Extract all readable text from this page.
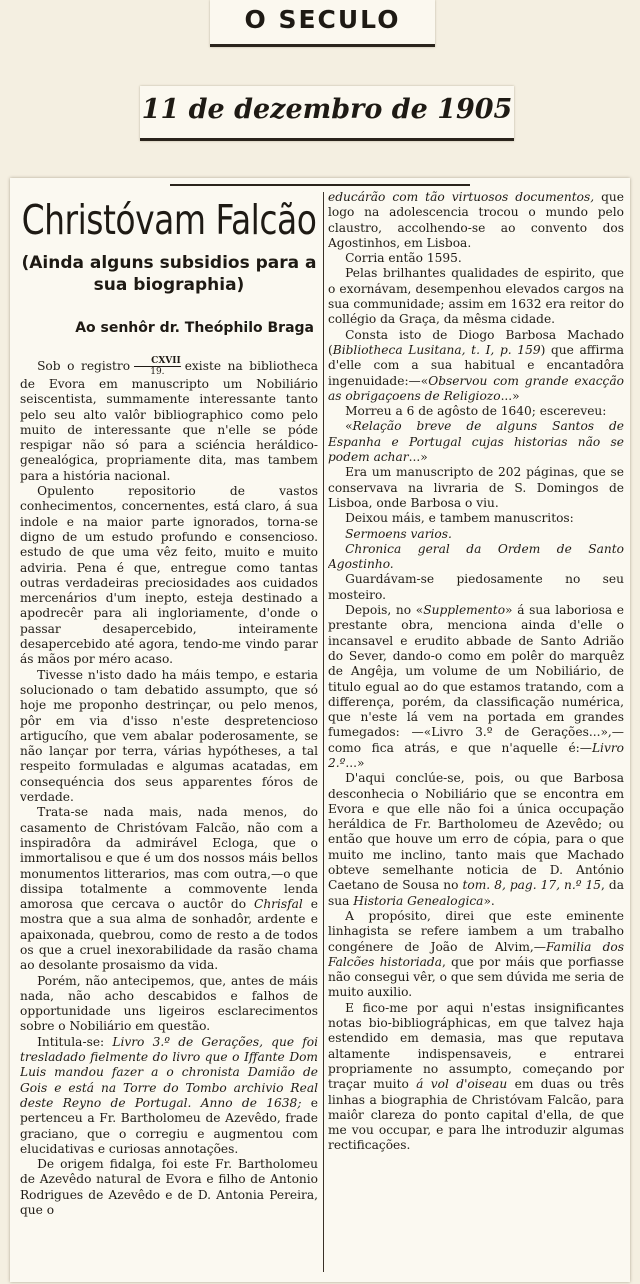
O SECULO
11 de dezembro de 1905
Christóvam Falcão
(Ainda alguns subsidios para a sua biographia)
Ao senhôr dr. Theóphilo Braga

Sob o registro $\frac{\text{CXVII}}{19.}$ existe na bibliotheca de Evora em manuscripto um Nobiliário seiscentista, summamente interessante tanto pelo seu alto valôr bibliographico como pelo muito de interessante que n'elle se póde respigar não só para a sciéncia heráldico-genealógica, propriamente dita, mas tambem para a história nacional.

Opulento repositorio de vastos conhecimentos, concernentes, está claro, á sua indole e na maior parte ignorados, torna-se digno de um estudo profundo e consencioso. estudo de que uma vêz feito, muito e muito adviria. Pena é que, entregue como tantas outras verdadeiras preciosidades aos cuidados mercenários d'um inepto, esteja destinado a apodrecêr para ali ingloriamente, d'onde o passar desapercebido, inteiramente desapercebido até agora, tendo-me vindo parar ás mãos por méro acaso.

Tivesse n'isto dado ha máis tempo, e estaria solucionado o tam debatido assumpto, que só hoje me proponho destrinçar, ou pelo menos, pôr em via d'isso n'este despretencioso artigucího, que vem abalar poderosamente, se não lançar por terra, várias hypótheses, a tal respeito formuladas e algumas acatadas, em consequéncia dos seus apparentes fóros de verdade.

Trata-se nada mais, nada menos, do casamento de Christóvam Falcão, não com a inspiradôra da admirável Ecloga, que o immortalisou e que é um dos nossos máis bellos monumentos litterarios, mas com outra,—o que dissipa totalmente a commovente lenda amorosa que cercava o auctôr do Chrisfal e mostra que a sua alma de sonhadôr, ardente e apaixonada, quebrou, como de resto a de todos os que a cruel inexorabilidade da rasão chama ao desolante prosaismo da vida.

Porém, não antecipemos, que, antes de máis nada, não acho descabidos e falhos de opportunidade uns ligeiros esclarecimentos sobre o Nobiliário em questão.

Intitula-se: Livro 3.º de Gerações, que foi tresladado fielmente do livro que o Iffante Dom Luis mandou fazer a o chronista Damião de Gois e está na Torre do Tombo archivio Real deste Reyno de Portugal. Anno de 1638; e pertenceu a Fr. Bartholomeu de Azevêdo, frade graciano, que o corregiu e augmentou com elucidativas e curiosas annotações.

De origem fidalga, foi este Fr. Bartholomeu de Azevêdo natural de Evora e filho de Antonio Rodrigues de Azevêdo e de D. Antonia Pereira, que o

educárão com tão virtuosos documentos, que logo na adolescencia trocou o mundo pelo claustro, accolhendo-se ao convento dos Agostinhos, em Lisboa.

Corria então 1595.

Pelas brilhantes qualidades de espirito, que o exornávam, desempenhou elevados cargos na sua communidade; assim em 1632 era reitor do collégio da Graça, da mêsma cidade.

Consta isto de Diogo Barbosa Machado (Bibliotheca Lusitana, t. I, p. 159) que affirma d'elle com a sua habitual e encantadôra ingenuidade:—«Observou com grande exacção as obrigaçoens de Religiozo...»

Morreu a 6 de agôsto de 1640; escereveu:

«Relação breve de alguns Santos de Espanha e Portugal cujas historias não se podem achar...»

Era um manuscripto de 202 páginas, que se conservava na livraria de S. Domingos de Lisboa, onde Barbosa o viu.

Deixou máis, e tambem manuscritos:

Sermoens varios.

Chronica geral da Ordem de Santo Agostinho.

Guardávam-se piedosamente no seu mosteiro.

Depois, no «Supplemento» á sua laboriosa e prestante obra, menciona ainda d'elle o incansavel e erudito abbade de Santo Adrião do Sever, dando-o como em polêr do marquêz de Angêja, um volume de um Nobiliário, de titulo egual ao do que estamos tratando, com a differença, porém, da classificação numérica, que n'este lá vem na portada em grandes fumegados: —«Livro 3.º de Gerações...»,—como fica atrás, e que n'aquelle é:—Livro 2.º...»

D'aqui conclúe-se, pois, ou que Barbosa desconhecia o Nobiliário que se encontra em Evora e que elle não foi a única occupação heráldica de Fr. Bartholomeu de Azevêdo; ou então que houve um erro de cópia, para o que muito me inclino, tanto mais que Machado obteve semelhante noticia de D. António Caetano de Sousa no tom. 8, pag. 17, n.º 15, da sua Historia Genealogica».

A propósito, direi que este eminente linhagista se refere iambem a um trabalho congénere de João de Alvim,—Familia dos Falcões historiada, que por máis que porfiasse não consegui vêr, o que sem dúvida me seria de muito auxilio.

E fico-me por aqui n'estas insignificantes notas bio-bibliográphicas, em que talvez haja estendido em demasia, mas que reputava altamente indispensaveis, e entrarei propriamente no assumpto, começando por traçar muito á vol d'oiseau em duas ou três linhas a biographia de Christóvam Falcão, para maiôr clareza do ponto capital d'ella, de que me vou occupar, e para lhe introduzir algumas rectificações.
